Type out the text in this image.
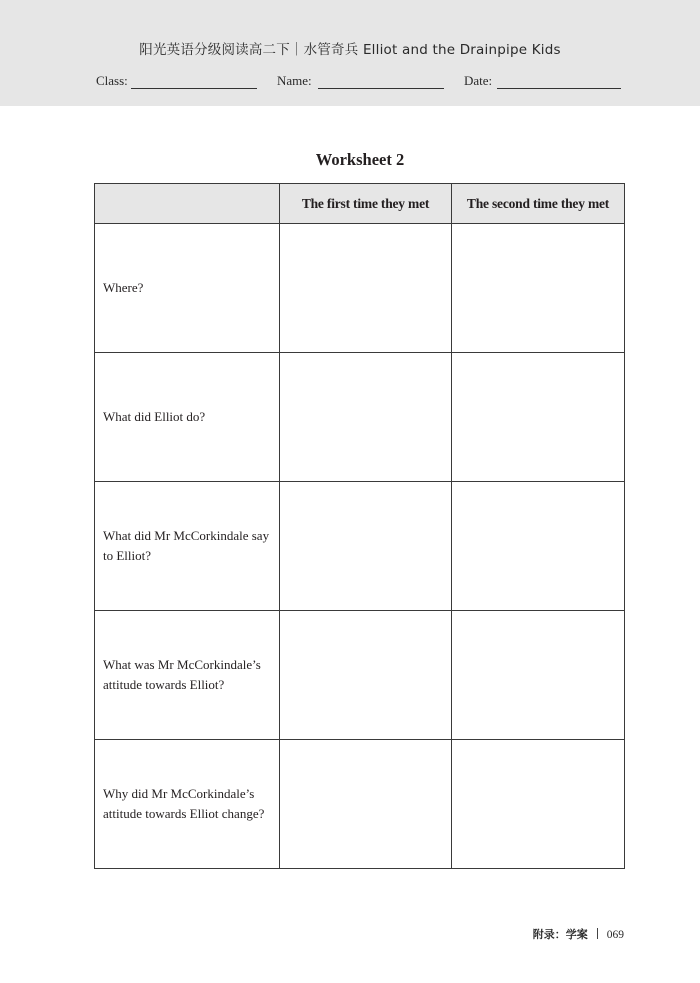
阳光英语分级阅读高二下｜水管奇兵 Elliot and the Drainpipe Kids
Class:	Name:	Date:
Worksheet 2
	The first time they met	The second time they met
Where?		
What did Elliot do?		
What did Mr McCorkindale say to Elliot?		
What was Mr McCorkindale’s attitude towards Elliot?		
Why did Mr McCorkindale’s attitude towards Elliot change?		
附录：学案 069
